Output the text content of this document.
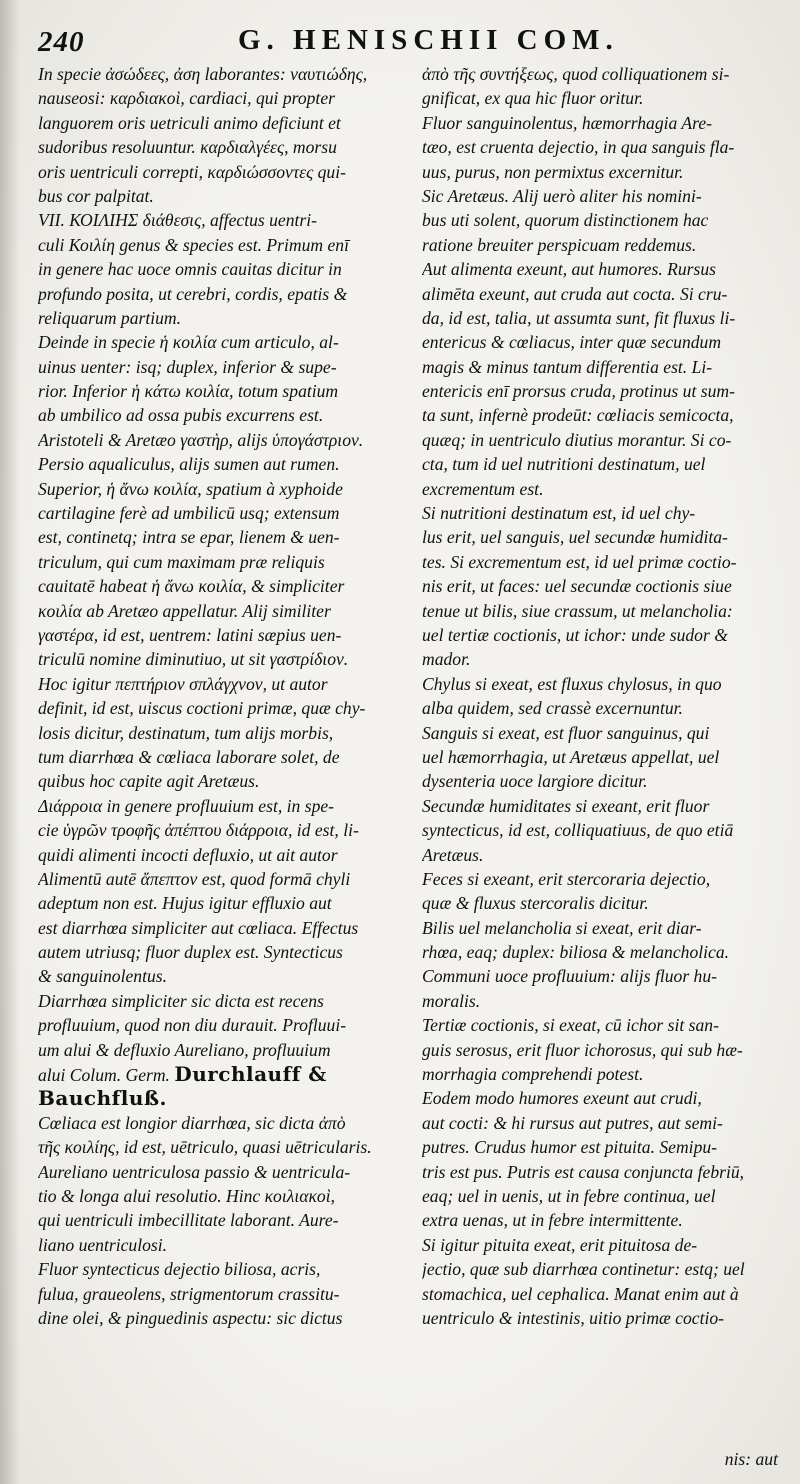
240	G. HENISCHII COM.
In specie ἀσώδεες, ἀση laborantes: ναυτιώδης,
nauseosi: καρδιακοὶ, cardiaci, qui propter
languorem oris uetriculi animo deficiunt et
sudoribus resoluuntur. καρδιαλγέες, morsu
oris uentriculi correpti, καρδιώσσοντες qui-
bus cor palpitat.
VII. ΚΟΙΛΙΗΣ διάθεσις, affectus uentri-
culi Κοιλίη genus & species est. Primum enī
in genere hac uoce omnis cauitas dicitur in
profundo posita, ut cerebri, cordis, epatis &
reliquarum partium.
Deinde in specie ἡ κοιλία cum articulo, al-
uinus uenter: isq; duplex, inferior & supe-
rior. Inferior ἡ κάτω κοιλία, totum spatium
ab umbilico ad ossa pubis excurrens est.
Aristoteli & Aretæo γαστὴρ, alijs ὑπογάστριον.
Persio aqualiculus, alijs sumen aut rumen.
Superior, ἡ ἄνω κοιλία, spatium à xyphoide
cartilagine ferè ad umbilicū usq; extensum
est, continetq; intra se epar, lienem & uen-
triculum, qui cum maximam præ reliquis
cauitatē habeat ἡ ἄνω κοιλία, & simpliciter
κοιλία ab Aretæo appellatur. Alij similiter
γαστέρα, id est, uentrem: latini sæpius uen-
triculū nomine diminutiuo, ut sit γαστρίδιον.
Hoc igitur πεπτήριον σπλάγχνον, ut autor
definit, id est, uiscus coctioni primæ, quæ chy-
losis dicitur, destinatum, tum alijs morbis,
tum diarrhœa & cœliaca laborare solet, de
quibus hoc capite agit Aretæus.
Διάρροια in genere profluuium est, in spe-
cie ὑγρῶν τροφῆς ἀπέπτου διάρροια, id est, li-
quidi alimenti incocti defluxio, ut ait autor
Alimentū autē ἄπεπτον est, quod formā chyli
adeptum non est. Hujus igitur effluxio aut
est diarrhœa simpliciter aut cœliaca. Effectus
autem utriusq; fluor duplex est. Syntecticus
& sanguinolentus.
Diarrhœa simpliciter sic dicta est recens
profluuium, quod non diu durauit. Profluui-
um alui & defluxio Aureliano, profluuium
alui Colum. Germ. Durchlauff &
Bauchfluß.
Cœliaca est longior diarrhœa, sic dicta ἀπὸ
τῆς κοιλίης, id est, uētriculo, quasi uētricularis.
Aureliano uentriculosa passio & uentricula-
tio & longa alui resolutio. Hinc κοιλιακοὶ,
qui uentriculi imbecillitate laborant. Aure-
liano uentriculosi.
Fluor syntecticus dejectio biliosa, acris,
fulua, graueolens, strigmentorum crassitu-
dine olei, & pinguedinis aspectu: sic dictus
ἀπὸ τῆς συντήξεως, quod colliquationem si-
gnificat, ex qua hic fluor oritur.
Fluor sanguinolentus, hæmorrhagia Are-
tæo, est cruenta dejectio, in qua sanguis fla-
uus, purus, non permixtus excernitur.
Sic Aretæus. Alij uerò aliter his nomini-
bus uti solent, quorum distinctionem hac
ratione breuiter perspicuam reddemus.
Aut alimenta exeunt, aut humores. Rursus
alimēta exeunt, aut cruda aut cocta. Si cru-
da, id est, talia, ut assumta sunt, fit fluxus li-
entericus & cœliacus, inter quæ secundum
magis & minus tantum differentia est. Li-
entericis enī prorsus cruda, protinus ut sum-
ta sunt, infernè prodeūt: cœliacis semicocta,
quæq; in uentriculo diutius morantur. Si co-
cta, tum id uel nutritioni destinatum, uel
excrementum est.
Si nutritioni destinatum est, id uel chy-
lus erit, uel sanguis, uel secundæ humidita-
tes. Si excrementum est, id uel primæ coctio-
nis erit, ut faces: uel secundæ coctionis siue
tenue ut bilis, siue crassum, ut melancholia:
uel tertiæ coctionis, ut ichor: unde sudor &
mador.
Chylus si exeat, est fluxus chylosus, in quo
alba quidem, sed crassè excernuntur.
Sanguis si exeat, est fluor sanguinus, qui
uel hæmorrhagia, ut Aretæus appellat, uel
dysenteria uoce largiore dicitur.
Secundæ humiditates si exeant, erit fluor
syntecticus, id est, colliquatiuus, de quo etiā
Aretæus.
Feces si exeant, erit stercoraria dejectio,
quæ & fluxus stercoralis dicitur.
Bilis uel melancholia si exeat, erit diar-
rhœa, eaq; duplex: biliosa & melancholica.
Communi uoce profluuium: alijs fluor hu-
moralis.
Tertiæ coctionis, si exeat, cū ichor sit san-
guis serosus, erit fluor ichorosus, qui sub hæ-
morrhagia comprehendi potest.
Eodem modo humores exeunt aut crudi,
aut cocti: & hi rursus aut putres, aut semi-
putres. Crudus humor est pituita. Semipu-
tris est pus. Putris est causa conjuncta febriū,
eaq; uel in uenis, ut in febre continua, uel
extra uenas, ut in febre intermittente.
Si igitur pituita exeat, erit pituitosa de-
jectio, quæ sub diarrhœa continetur: estq; uel
stomachica, uel cephalica. Manat enim aut à
uentriculo & intestinis, uitio primæ coctio-
nis: aut
